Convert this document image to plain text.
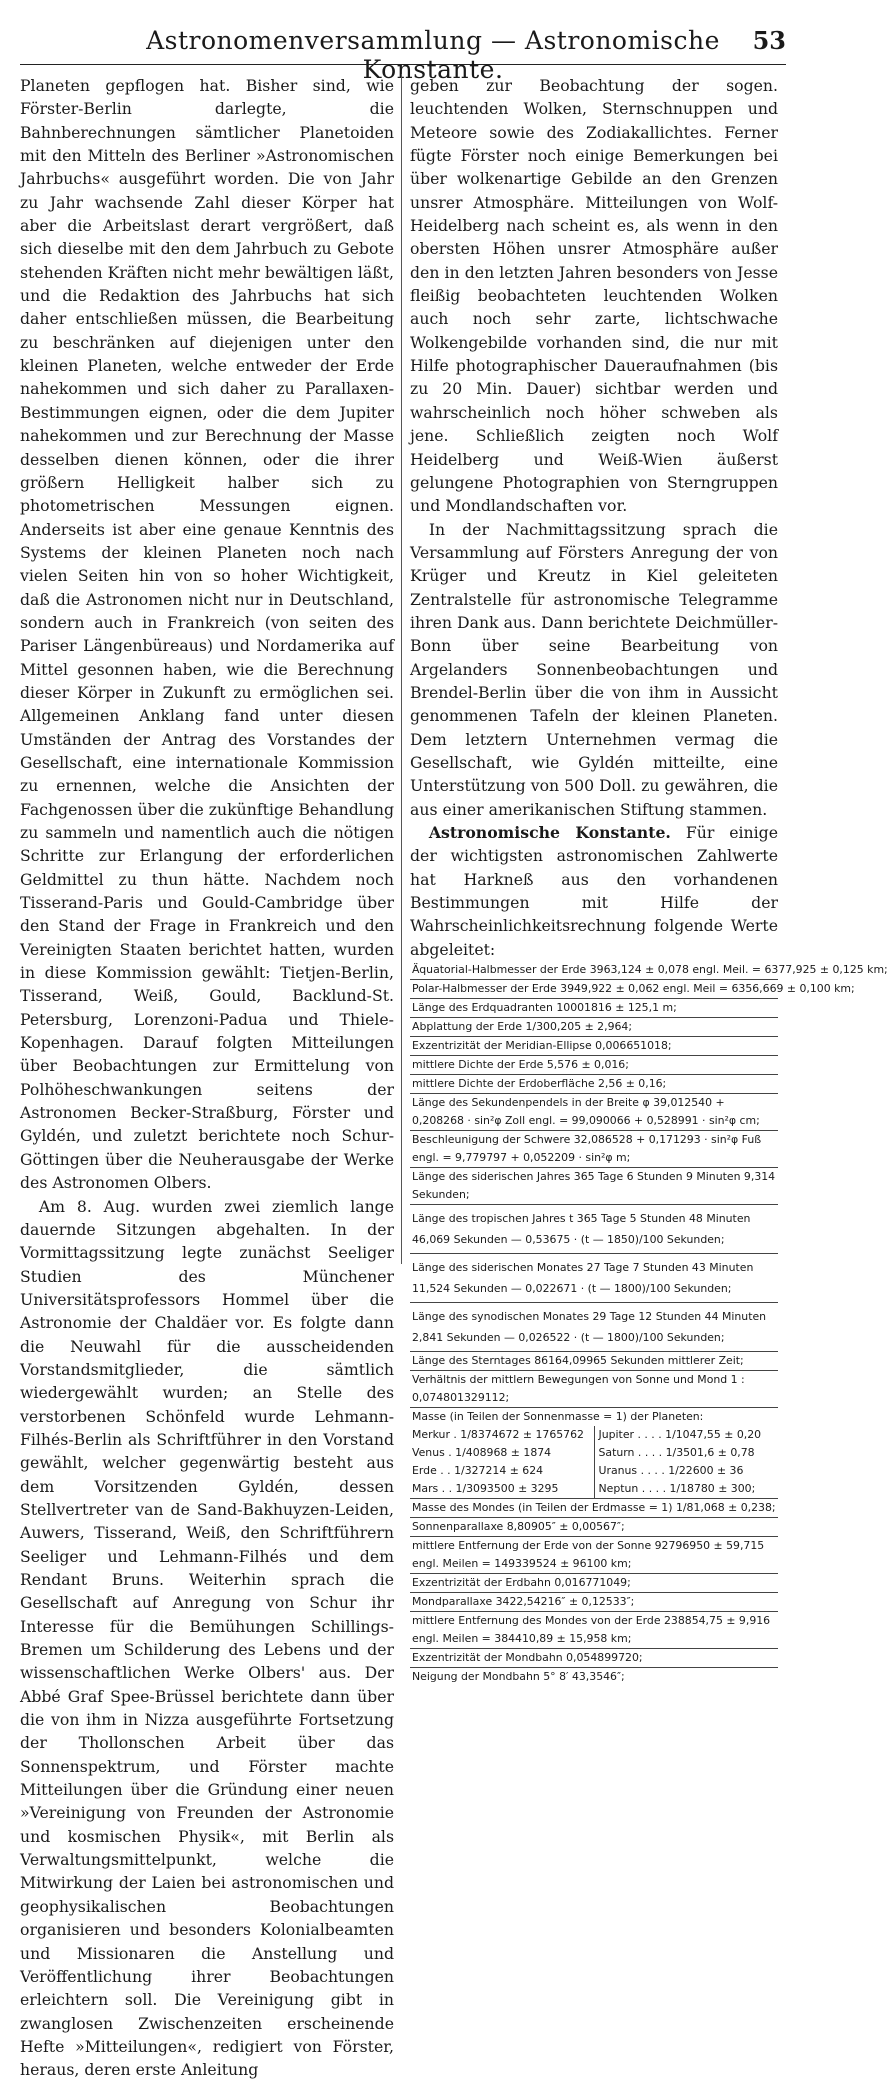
Astronomenversammlung — Astronomische Konstante.
53

Planeten gepflogen hat. Bisher sind, wie Förster-Berlin darlegte, die Bahnberechnungen sämtlicher Planetoiden mit den Mitteln des Berliner »Astronomischen Jahrbuchs« ausgeführt worden. Die von Jahr zu Jahr wachsende Zahl dieser Körper hat aber die Arbeitslast derart vergrößert, daß sich dieselbe mit den dem Jahrbuch zu Gebote stehenden Kräften nicht mehr bewältigen läßt, und die Redaktion des Jahrbuchs hat sich daher entschließen müssen, die Bearbeitung zu beschränken auf diejenigen unter den kleinen Planeten, welche entweder der Erde nahekommen und sich daher zu Parallaxen-Bestimmungen eignen, oder die dem Jupiter nahekommen und zur Berechnung der Masse desselben dienen können, oder die ihrer größern Helligkeit halber sich zu photometrischen Messungen eignen. Anderseits ist aber eine genaue Kenntnis des Systems der kleinen Planeten noch nach vielen Seiten hin von so hoher Wichtigkeit, daß die Astronomen nicht nur in Deutschland, sondern auch in Frankreich (von seiten des Pariser Längenbüreaus) und Nordamerika auf Mittel gesonnen haben, wie die Berechnung dieser Körper in Zukunft zu ermöglichen sei. Allgemeinen Anklang fand unter diesen Umständen der Antrag des Vorstandes der Gesellschaft, eine internationale Kommission zu ernennen, welche die Ansichten der Fachgenossen über die zukünftige Behandlung zu sammeln und namentlich auch die nötigen Schritte zur Erlangung der erforderlichen Geldmittel zu thun hätte. Nachdem noch Tisserand-Paris und Gould-Cambridge über den Stand der Frage in Frankreich und den Vereinigten Staaten berichtet hatten, wurden in diese Kommission gewählt: Tietjen-Berlin, Tisserand, Weiß, Gould, Backlund-St. Petersburg, Lorenzoni-Padua und Thiele-Kopenhagen. Darauf folgten Mitteilungen über Beobachtungen zur Ermittelung von Polhöheschwankungen seitens der Astronomen Becker-Straßburg, Förster und Gyldén, und zuletzt berichtete noch Schur-Göttingen über die Neuherausgabe der Werke des Astronomen Olbers.

Am 8. Aug. wurden zwei ziemlich lange dauernde Sitzungen abgehalten. In der Vormittagssitzung legte zunächst Seeliger Studien des Münchener Universitätsprofessors Hommel über die Astronomie der Chaldäer vor. Es folgte dann die Neuwahl für die ausscheidenden Vorstandsmitglieder, die sämtlich wiedergewählt wurden; an Stelle des verstorbenen Schönfeld wurde Lehmann-Filhés-Berlin als Schriftführer in den Vorstand gewählt, welcher gegenwärtig besteht aus dem Vorsitzenden Gyldén, dessen Stellvertreter van de Sand-Bakhuyzen-Leiden, Auwers, Tisserand, Weiß, den Schriftführern Seeliger und Lehmann-Filhés und dem Rendant Bruns. Weiterhin sprach die Gesellschaft auf Anregung von Schur ihr Interesse für die Bemühungen Schillings-Bremen um Schilderung des Lebens und der wissenschaftlichen Werke Olbers' aus. Der Abbé Graf Spee-Brüssel berichtete dann über die von ihm in Nizza ausgeführte Fortsetzung der Thollonschen Arbeit über das Sonnenspektrum, und Förster machte Mitteilungen über die Gründung einer neuen »Vereinigung von Freunden der Astronomie und kosmischen Physik«, mit Berlin als Verwaltungsmittelpunkt, welche die Mitwirkung der Laien bei astronomischen und geophysikalischen Beobachtungen organisieren und besonders Kolonialbeamten und Missionaren die Anstellung und Veröffentlichung ihrer Beobachtungen erleichtern soll. Die Vereinigung gibt in zwanglosen Zwischenzeiten erscheinende Hefte »Mitteilungen«, redigiert von Förster, heraus, deren erste Anleitung

geben zur Beobachtung der sogen. leuchtenden Wolken, Sternschnuppen und Meteore sowie des Zodiakallichtes. Ferner fügte Förster noch einige Bemerkungen bei über wolkenartige Gebilde an den Grenzen unsrer Atmosphäre. Mitteilungen von Wolf-Heidelberg nach scheint es, als wenn in den obersten Höhen unsrer Atmosphäre außer den in den letzten Jahren besonders von Jesse fleißig beobachteten leuchtenden Wolken auch noch sehr zarte, lichtschwache Wolkengebilde vorhanden sind, die nur mit Hilfe photographischer Daueraufnahmen (bis zu 20 Min. Dauer) sichtbar werden und wahrscheinlich noch höher schweben als jene. Schließlich zeigten noch Wolf Heidelberg und Weiß-Wien äußerst gelungene Photographien von Sterngruppen und Mondlandschaften vor.

In der Nachmittagssitzung sprach die Versammlung auf Försters Anregung der von Krüger und Kreutz in Kiel geleiteten Zentralstelle für astronomische Telegramme ihren Dank aus. Dann berichtete Deichmüller-Bonn über seine Bearbeitung von Argelanders Sonnenbeobachtungen und Brendel-Berlin über die von ihm in Aussicht genommenen Tafeln der kleinen Planeten. Dem letztern Unternehmen vermag die Gesellschaft, wie Gyldén mitteilte, eine Unterstützung von 500 Doll. zu gewähren, die aus einer amerikanischen Stiftung stammen.

Astronomische Konstante. Für einige der wichtigsten astronomischen Zahlwerte hat Harkneß aus den vorhandenen Bestimmungen mit Hilfe der Wahrscheinlichkeitsrechnung folgende Werte abgeleitet:

Äquatorial-Halbmesser der Erde 3963,124 ± 0,078 engl. Meil. = 6377,925 ± 0,125 km;
Polar-Halbmesser der Erde 3949,922 ± 0,062 engl. Meil = 6356,669 ± 0,100 km;
Länge des Erdquadranten 10001816 ± 125,1 m;
Abplattung der Erde 1/300,205 ± 2,964;
Exzentrizität der Meridian-Ellipse 0,006651018;
mittlere Dichte der Erde 5,576 ± 0,016;
mittlere Dichte der Erdoberfläche 2,56 ± 0,16;
Länge des Sekundenpendels in der Breite φ 39,012540 + 0,208268 · sin²φ Zoll engl. = 99,090066 + 0,528991 · sin²φ cm;
Beschleunigung der Schwere 32,086528 + 0,171293 · sin²φ Fuß engl. = 9,779797 + 0,052209 · sin²φ m;
Länge des siderischen Jahres 365 Tage 6 Stunden 9 Minuten 9,314 Sekunden;
Länge des tropischen Jahres t 365 Tage 5 Stunden 48 Minuten 46,069 Sekunden — 0,53675 · (t — 1850)/100 Sekunden;
Länge des siderischen Monates 27 Tage 7 Stunden 43 Minuten 11,524 Sekunden — 0,022671 · (t — 1800)/100 Sekunden;
Länge des synodischen Monates 29 Tage 12 Stunden 44 Minuten 2,841 Sekunden — 0,026522 · (t — 1800)/100 Sekunden;
Länge des Sterntages 86164,09965 Sekunden mittlerer Zeit;
Verhältnis der mittlern Bewegungen von Sonne und Mond 1 : 0,074801329112;
Masse (in Teilen der Sonnenmasse = 1) der Planeten:
Merkur . 1/8374672 ± 1765762
Venus . 1/408968 ± 1874
Erde . . 1/327214 ± 624
Mars . . 1/3093500 ± 3295
Jupiter . . . . 1/1047,55 ± 0,20
Saturn . . . . 1/3501,6 ± 0,78
Uranus . . . . 1/22600 ± 36
Neptun . . . . 1/18780 ± 300;
Masse des Mondes (in Teilen der Erdmasse = 1) 1/81,068 ± 0,238;
Sonnenparallaxe 8,80905″ ± 0,00567″;
mittlere Entfernung der Erde von der Sonne 92796950 ± 59,715 engl. Meilen = 149339524 ± 96100 km;
Exzentrizität der Erdbahn 0,016771049;
Mondparallaxe 3422,54216″ ± 0,12533″;
mittlere Entfernung des Mondes von der Erde 238854,75 ± 9,916 engl. Meilen = 384410,89 ± 15,958 km;
Exzentrizität der Mondbahn 0,054899720;
Neigung der Mondbahn 5° 8′ 43,3546″;
